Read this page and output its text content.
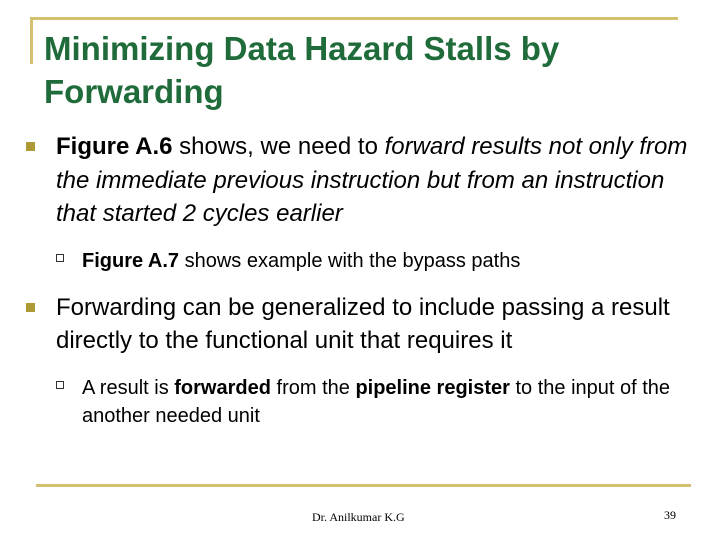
Minimizing Data Hazard Stalls by Forwarding
Figure A.6 shows, we need to forward results not only from the immediate previous instruction but from an instruction that started 2 cycles earlier
Figure A.7 shows example with the bypass paths
Forwarding can be generalized to include passing a result directly to the functional unit that requires it
A result is forwarded from the pipeline register to the input of the another needed unit
Dr. Anilkumar K.G	39
